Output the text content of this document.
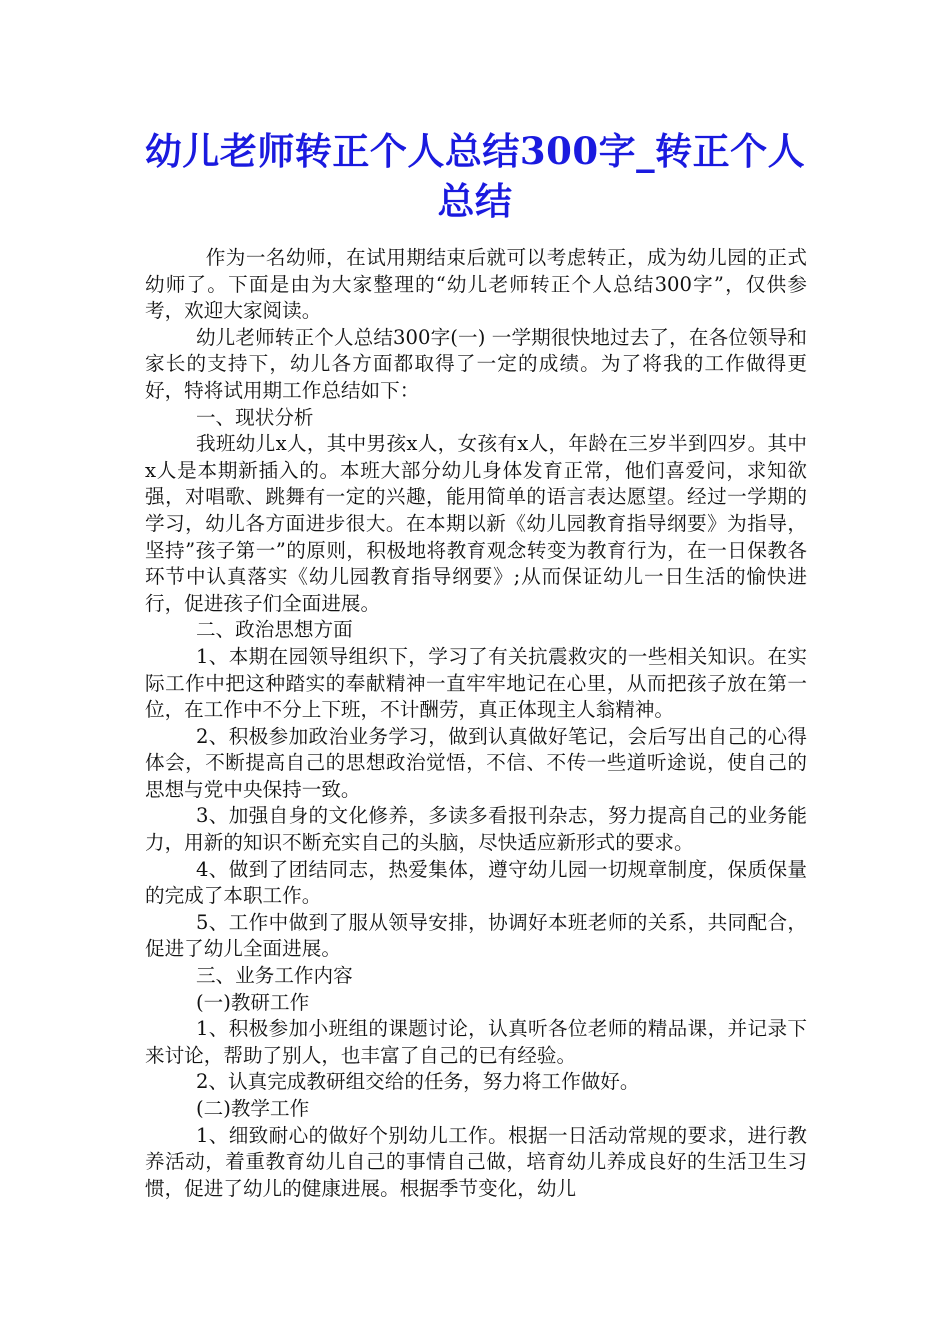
幼儿老师转正个人总结300字_转正个人总结

作为一名幼师，在试用期结束后就可以考虑转正，成为幼儿园的正式幼师了。下面是由为大家整理的“幼儿老师转正个人总结300字”，仅供参考，欢迎大家阅读。

幼儿老师转正个人总结300字(一) 一学期很快地过去了，在各位领导和家长的支持下，幼儿各方面都取得了一定的成绩。为了将我的工作做得更好，特将试用期工作总结如下：

一、现状分析

我班幼儿x人，其中男孩x人，女孩有x人，年龄在三岁半到四岁。其中x人是本期新插入的。本班大部分幼儿身体发育正常，他们喜爱问，求知欲强，对唱歌、跳舞有一定的兴趣，能用简单的语言表达愿望。经过一学期的学习，幼儿各方面进步很大。在本期以新《幼儿园教育指导纲要》为指导，坚持”孩子第一”的原则，积极地将教育观念转变为教育行为，在一日保教各环节中认真落实《幼儿园教育指导纲要》;从而保证幼儿一日生活的愉快进行，促进孩子们全面进展。

二、政治思想方面

1、本期在园领导组织下，学习了有关抗震救灾的一些相关知识。在实际工作中把这种踏实的奉献精神一直牢牢地记在心里，从而把孩子放在第一位，在工作中不分上下班，不计酬劳，真正体现主人翁精神。

2、积极参加政治业务学习，做到认真做好笔记，会后写出自己的心得体会，不断提高自己的思想政治觉悟，不信、不传一些道听途说，使自己的思想与党中央保持一致。

3、加强自身的文化修养，多读多看报刊杂志，努力提高自己的业务能力，用新的知识不断充实自己的头脑，尽快适应新形式的要求。

4、做到了团结同志，热爱集体，遵守幼儿园一切规章制度，保质保量的完成了本职工作。

5、工作中做到了服从领导安排，协调好本班老师的关系，共同配合，促进了幼儿全面进展。

三、业务工作内容

(一)教研工作

1、积极参加小班组的课题讨论，认真听各位老师的精品课，并记录下来讨论，帮助了别人，也丰富了自己的已有经验。

2、认真完成教研组交给的任务，努力将工作做好。

(二)教学工作

1、细致耐心的做好个别幼儿工作。根据一日活动常规的要求，进行教养活动，着重教育幼儿自己的事情自己做，培育幼儿养成良好的生活卫生习惯，促进了幼儿的健康进展。根据季节变化，幼儿
